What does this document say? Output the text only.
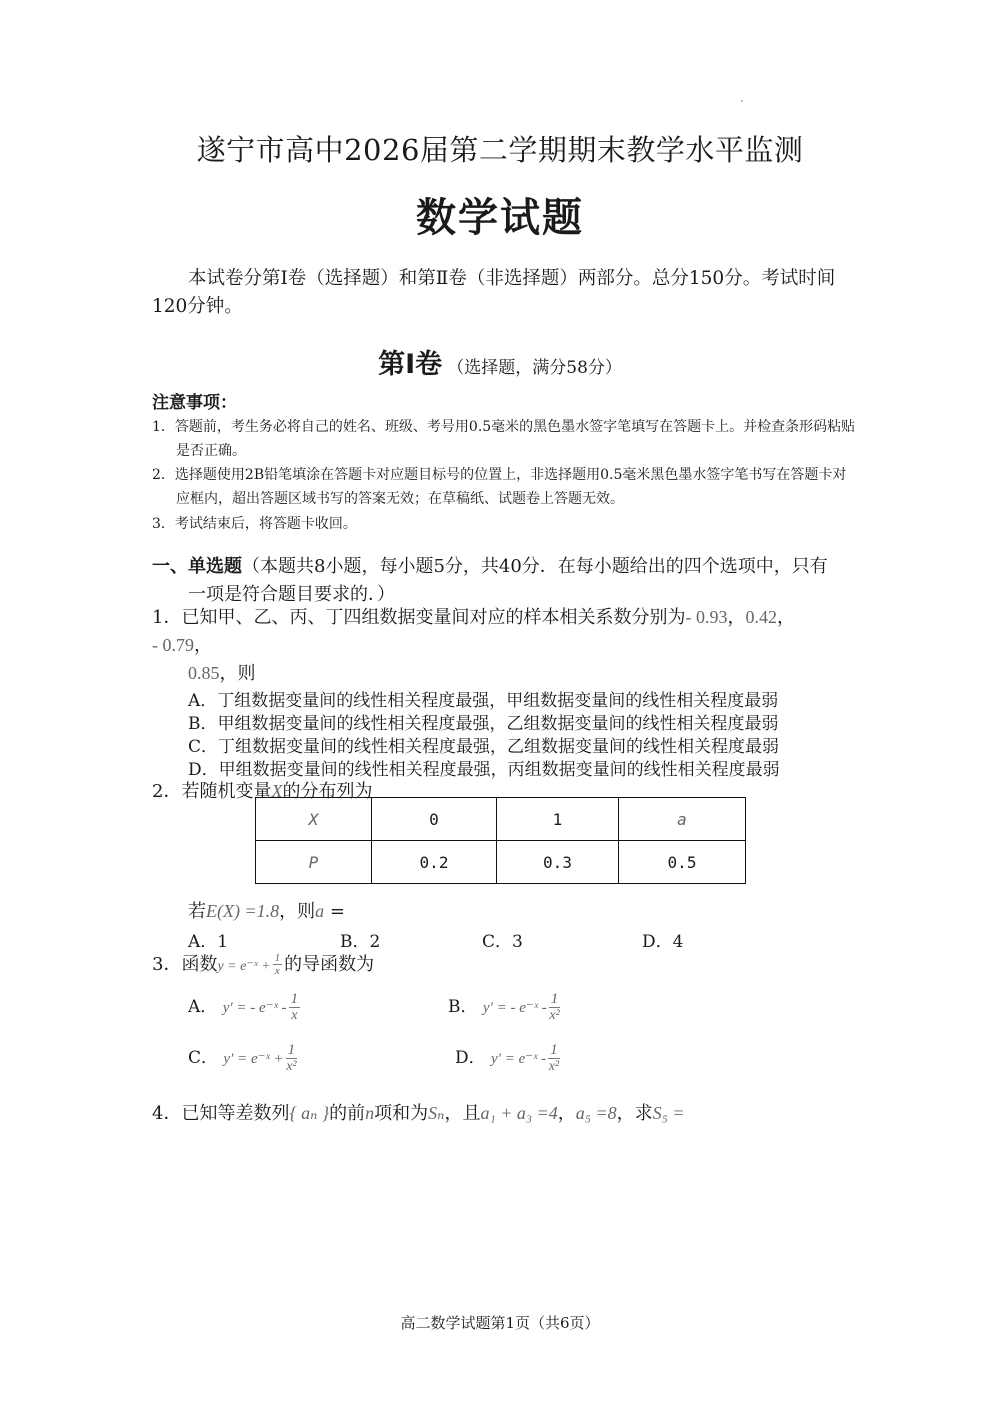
遂宁市高中2026届第二学期期末教学水平监测
数学试题
本试卷分第Ⅰ卷（选择题）和第Ⅱ卷（非选择题）两部分。总分150分。考试时间
120分钟。
第Ⅰ卷 （选择题，满分58分）
注意事项：
1．答题前，考生务必将自己的姓名、班级、考号用0.5毫米的黑色墨水签字笔填写在答题卡上。并检查条形码粘贴
是否正确。
2．选择题使用2B铅笔填涂在答题卡对应题目标号的位置上，非选择题用0.5毫米黑色墨水签字笔书写在答题卡对
应框内，超出答题区域书写的答案无效；在草稿纸、试题卷上答题无效。
3．考试结束后，将答题卡收回。
一、单选题（本题共8小题，每小题5分，共40分．在每小题给出的四个选项中，只有
一项是符合题目要求的．）
1．已知甲、乙、丙、丁四组数据变量间对应的样本相关系数分别为- 0.93，0.42，
- 0.79，
0.85，则
A．丁组数据变量间的线性相关程度最强，甲组数据变量间的线性相关程度最弱
B．甲组数据变量间的线性相关程度最强，乙组数据变量间的线性相关程度最弱
C．丁组数据变量间的线性相关程度最强，乙组数据变量间的线性相关程度最弱
D．甲组数据变量间的线性相关程度最强，丙组数据变量间的线性相关程度最弱
2．若随机变量X的分布列为
X	0	1	a
P	0.2	0.3	0.5
若E(X) =1.8，则a =
A．1	B．2	C．3	D．4
3．函数y = e⁻ˣ + $\frac{1}{x}$ 的导函数为
A． y′ = - e⁻ˣ - $\frac{1}{x}$	B． y′ = - e⁻ˣ - $\frac{1}{\text{x²}}$
C． y′ = e⁻ˣ + $\frac{1}{\text{x²}}$	D． y′ = e⁻ˣ - $\frac{1}{\text{x²}}$
4．已知等差数列{ aₙ }的前n项和为Sₙ，且a₁ + a₃ =4，a₅ =8，求S₅ =
高二数学试题第1页（共6页）
